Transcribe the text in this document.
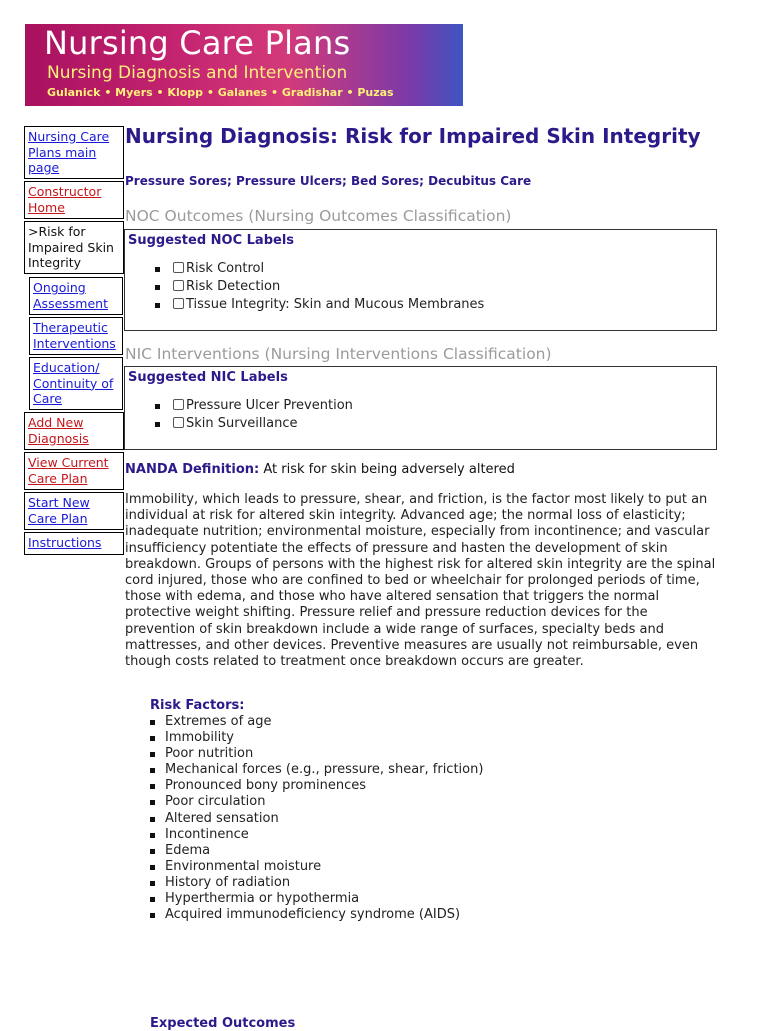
Nursing Care Plans
Nursing Diagnosis and Intervention
Gulanick • Myers • Klopp • Galanes • Gradishar • Puzas
Nursing Care Plans main page
Constructor Home
>Risk for Impaired Skin Integrity
Ongoing Assessment
Therapeutic Interventions
Education/ Continuity of Care
Add New Diagnosis
View Current Care Plan
Start New Care Plan
Instructions
Nursing Diagnosis: Risk for Impaired Skin Integrity
Pressure Sores; Pressure Ulcers; Bed Sores; Decubitus Care
NOC Outcomes (Nursing Outcomes Classification)
Suggested NOC Labels
Risk Control
Risk Detection
Tissue Integrity: Skin and Mucous Membranes
NIC Interventions (Nursing Interventions Classification)
Suggested NIC Labels
Pressure Ulcer Prevention
Skin Surveillance
NANDA Definition: At risk for skin being adversely altered
Immobility, which leads to pressure, shear, and friction, is the factor most likely to put an individual at risk for altered skin integrity. Advanced age; the normal loss of elasticity; inadequate nutrition; environmental moisture, especially from incontinence; and vascular insufficiency potentiate the effects of pressure and hasten the development of skin breakdown. Groups of persons with the highest risk for altered skin integrity are the spinal cord injured, those who are confined to bed or wheelchair for prolonged periods of time, those with edema, and those who have altered sensation that triggers the normal protective weight shifting. Pressure relief and pressure reduction devices for the prevention of skin breakdown include a wide range of surfaces, specialty beds and mattresses, and other devices. Preventive measures are usually not reimbursable, even though costs related to treatment once breakdown occurs are greater.
Risk Factors:
Extremes of age
Immobility
Poor nutrition
Mechanical forces (e.g., pressure, shear, friction)
Pronounced bony prominences
Poor circulation
Altered sensation
Incontinence
Edema
Environmental moisture
History of radiation
Hyperthermia or hypothermia
Acquired immunodeficiency syndrome (AIDS)
Expected Outcomes
